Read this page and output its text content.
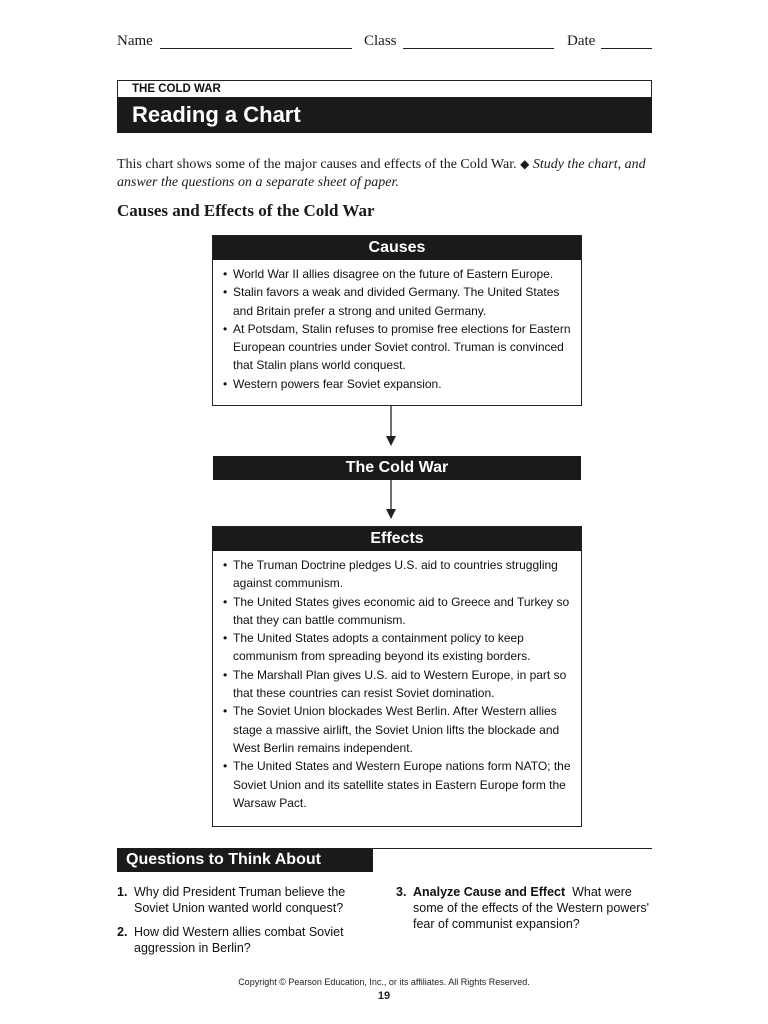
Name	Class	Date
THE COLD WAR
Reading a Chart
This chart shows some of the major causes and effects of the Cold War. ◆ Study the chart, and answer the questions on a separate sheet of paper.
Causes and Effects of the Cold War
Causes
• World War II allies disagree on the future of Eastern Europe.
• Stalin favors a weak and divided Germany. The United States and Britain prefer a strong and united Germany.
• At Potsdam, Stalin refuses to promise free elections for Eastern European countries under Soviet control. Truman is convinced that Stalin plans world conquest.
• Western powers fear Soviet expansion.
The Cold War
Effects
• The Truman Doctrine pledges U.S. aid to countries struggling against communism.
• The United States gives economic aid to Greece and Turkey so that they can battle communism.
• The United States adopts a containment policy to keep communism from spreading beyond its existing borders.
• The Marshall Plan gives U.S. aid to Western Europe, in part so that these countries can resist Soviet domination.
• The Soviet Union blockades West Berlin. After Western allies stage a massive airlift, the Soviet Union lifts the blockade and West Berlin remains independent.
• The United States and Western Europe nations form NATO; the Soviet Union and its satellite states in Eastern Europe form the Warsaw Pact.
Questions to Think About
1. Why did President Truman believe the Soviet Union wanted world conquest?
2. How did Western allies combat Soviet aggression in Berlin?
3. Analyze Cause and Effect What were some of the effects of the Western powers' fear of communist expansion?
Copyright © Pearson Education, Inc., or its affiliates. All Rights Reserved.
19
